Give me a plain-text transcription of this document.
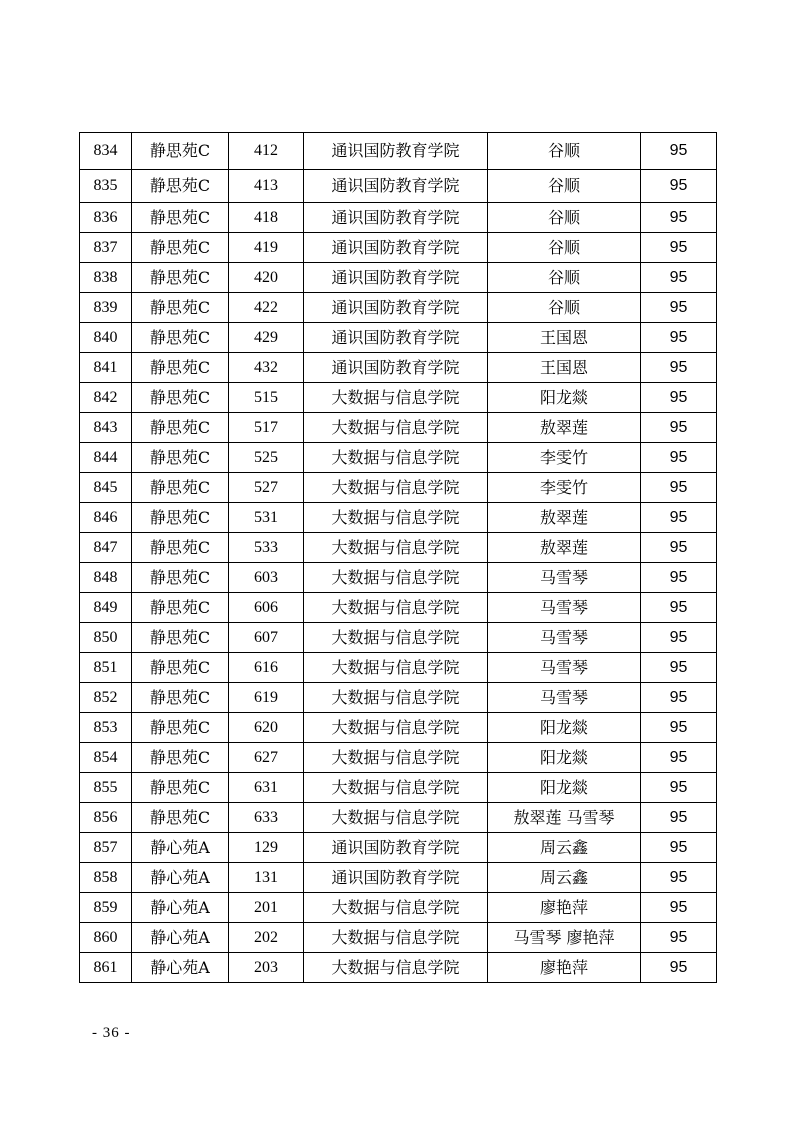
834	静思苑C	412	通识国防教育学院	谷顺	95
835	静思苑C	413	通识国防教育学院	谷顺	95
836	静思苑C	418	通识国防教育学院	谷顺	95
837	静思苑C	419	通识国防教育学院	谷顺	95
838	静思苑C	420	通识国防教育学院	谷顺	95
839	静思苑C	422	通识国防教育学院	谷顺	95
840	静思苑C	429	通识国防教育学院	王国恩	95
841	静思苑C	432	通识国防教育学院	王国恩	95
842	静思苑C	515	大数据与信息学院	阳龙燚	95
843	静思苑C	517	大数据与信息学院	敖翠莲	95
844	静思苑C	525	大数据与信息学院	李雯竹	95
845	静思苑C	527	大数据与信息学院	李雯竹	95
846	静思苑C	531	大数据与信息学院	敖翠莲	95
847	静思苑C	533	大数据与信息学院	敖翠莲	95
848	静思苑C	603	大数据与信息学院	马雪琴	95
849	静思苑C	606	大数据与信息学院	马雪琴	95
850	静思苑C	607	大数据与信息学院	马雪琴	95
851	静思苑C	616	大数据与信息学院	马雪琴	95
852	静思苑C	619	大数据与信息学院	马雪琴	95
853	静思苑C	620	大数据与信息学院	阳龙燚	95
854	静思苑C	627	大数据与信息学院	阳龙燚	95
855	静思苑C	631	大数据与信息学院	阳龙燚	95
856	静思苑C	633	大数据与信息学院	敖翠莲 马雪琴	95
857	静心苑A	129	通识国防教育学院	周云鑫	95
858	静心苑A	131	通识国防教育学院	周云鑫	95
859	静心苑A	201	大数据与信息学院	廖艳萍	95
860	静心苑A	202	大数据与信息学院	马雪琴 廖艳萍	95
861	静心苑A	203	大数据与信息学院	廖艳萍	95
- 36 -
